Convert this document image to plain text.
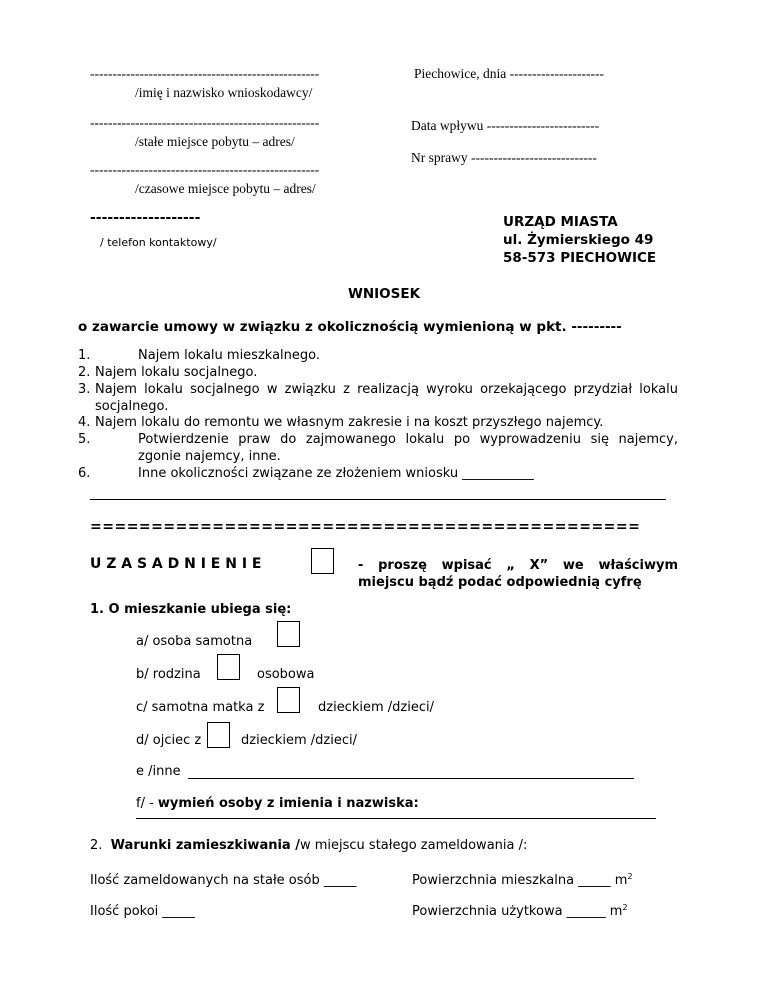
---------------------------------------------------
/imię i nazwisko wnioskodawcy/
---------------------------------------------------
/stałe miejsce pobytu – adres/
---------------------------------------------------
/czasowe miejsce pobytu – adres/
-------------------
/ telefon kontaktowy/
Piechowice, dnia ---------------------
Data wpływu -------------------------
Nr sprawy ----------------------------
URZĄD MIASTA
ul. Żymierskiego 49
58-573 PIECHOWICE
WNIOSEK
o zawarcie umowy w związku z okolicznością wymienioną w pkt. ---------
1.	Najem lokalu mieszkalnego.
2. Najem lokalu socjalnego.
3. Najem lokalu socjalnego w związku z realizacją wyroku orzekającego przydział lokalu socjalnego.
4. Najem lokalu do remontu we własnym zakresie i na koszt przyszłego najemcy.
5.	Potwierdzenie praw do zajmowanego lokalu po wyprowadzeniu się najemcy, zgonie najemcy, inne.
6.	Inne okoliczności związane ze złożeniem wniosku ___________
=============================================
U Z A S A D N I E N I E	- proszę wpisać „ X” we właściwym
miejscu bądź podać odpowiednią cyfrę
1. O mieszkanie ubiega się:
a/ osoba samotna
b/ rodzina	osobowa
c/ samotna matka z	dzieckiem /dzieci/
d/ ojciec z	dzieckiem /dzieci/
e /inne
f/ - wymień osoby z imienia i nazwiska:
2. Warunki zamieszkiwania /w miejscu stałego zameldowania /:
Ilość zameldowanych na stałe osób _____	Powierzchnia mieszkalna _____ $m^2$
Ilość pokoi _____	Powierzchnia użytkowa ______ $m^2$
